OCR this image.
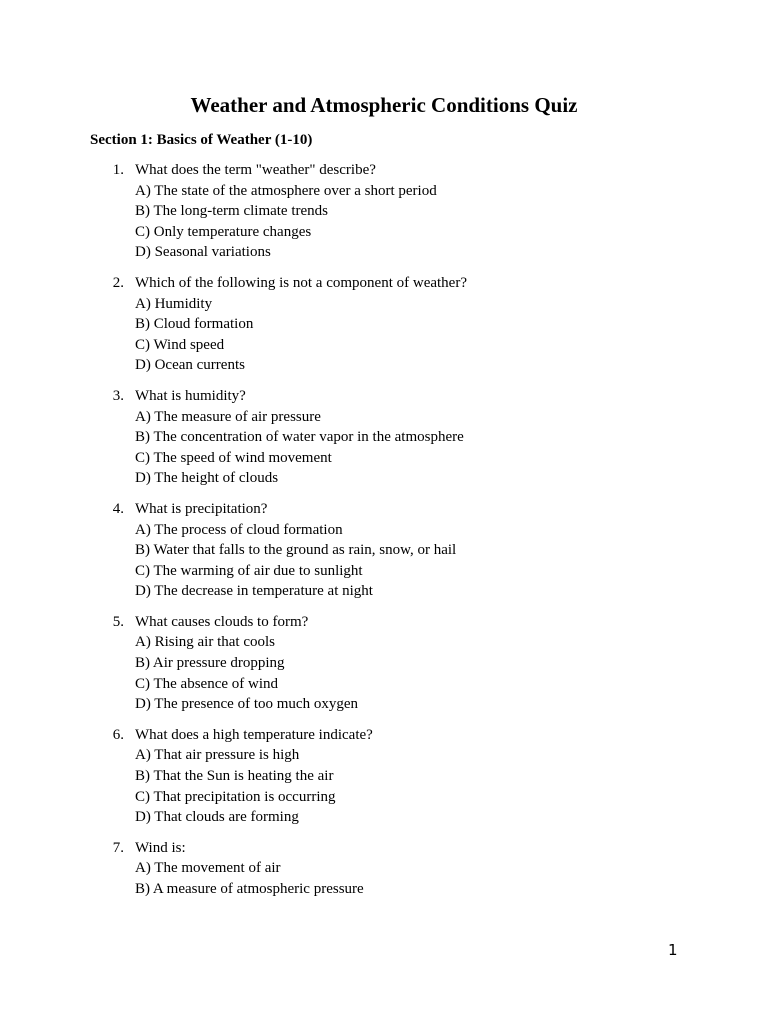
Weather and Atmospheric Conditions Quiz
Section 1: Basics of Weather (1-10)
1. What does the term "weather" describe?
A) The state of the atmosphere over a short period
B) The long-term climate trends
C) Only temperature changes
D) Seasonal variations
2. Which of the following is not a component of weather?
A) Humidity
B) Cloud formation
C) Wind speed
D) Ocean currents
3. What is humidity?
A) The measure of air pressure
B) The concentration of water vapor in the atmosphere
C) The speed of wind movement
D) The height of clouds
4. What is precipitation?
A) The process of cloud formation
B) Water that falls to the ground as rain, snow, or hail
C) The warming of air due to sunlight
D) The decrease in temperature at night
5. What causes clouds to form?
A) Rising air that cools
B) Air pressure dropping
C) The absence of wind
D) The presence of too much oxygen
6. What does a high temperature indicate?
A) That air pressure is high
B) That the Sun is heating the air
C) That precipitation is occurring
D) That clouds are forming
7. Wind is:
A) The movement of air
B) A measure of atmospheric pressure
1
